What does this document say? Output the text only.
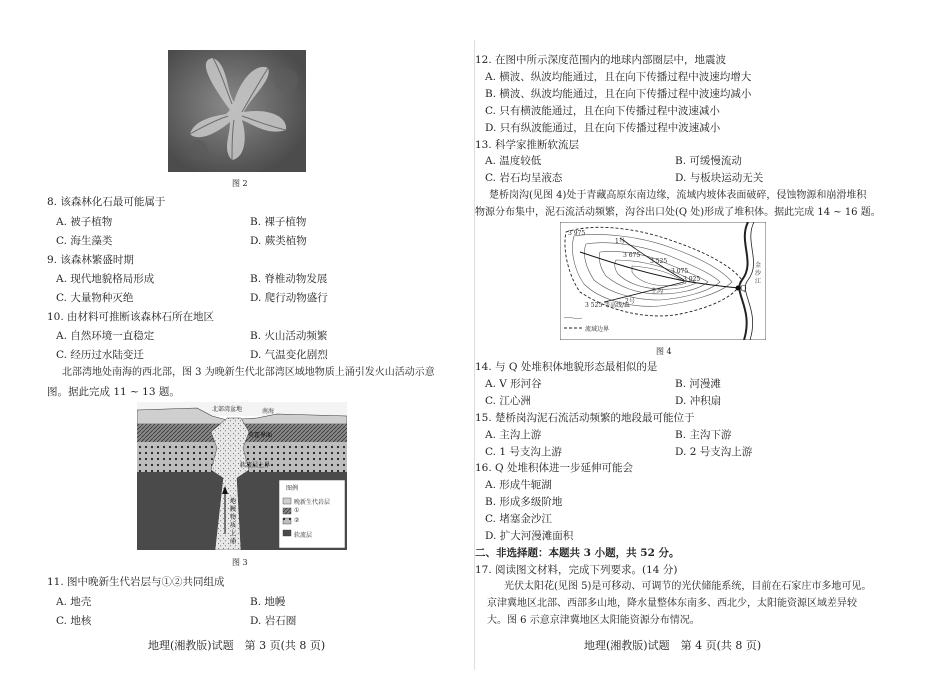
图 2
8. 该森林化石最可能属于
A. 被子植物	B. 裸子植物
C. 海生藻类	D. 蕨类植物
9. 该森林繁盛时期
A. 现代地貌格局形成	B. 脊椎动物发展
C. 大量物种灭绝	D. 爬行动物盛行
10. 由材料可推断该森林石所在地区
A. 自然环境一直稳定	B. 火山活动频繁
C. 经历过水陆变迁	D. 气温变化剧烈
北部湾地处南海的西北部，图 3 为晚新生代北部湾区域地物质上涌引发火山活动示意
图。据此完成 11 ~ 13 题。
北部湾盆地	南海
莫霍界面
软流层上界
地幔物质上涌
图例
晚新生代岩层
①
②
软流层
图 3
11. 图中晚新生代岩层与①②共同组成
A. 地壳	B. 地幔
C. 地核	D. 岩石圈
地理(湘教版)试题　第 3 页(共 8 页)
12. 在图中所示深度范围内的地球内部圈层中，地震波
A. 横波、纵波均能通过，且在向下传播过程中波速均增大
B. 横波、纵波均能通过，且在向下传播过程中波速均减小
C. 只有横波能通过，且在向下传播过程中波速减小
D. 只有纵波能通过，且在向下传播过程中波速减小
13. 科学家推断软流层
A. 温度较低	B. 可缓慢流动
C. 岩石均呈液态	D. 与板块运动无关
楚桥岗沟(见图 4)处于青藏高原东南边缘，流域内坡体表面破碎，侵蚀物源和崩滑堆积
物源分布集中，泥石流活动频繁，沟谷出口处(Q 处)形成了堆积体。据此完成 14 ~ 16 题。
3 975
3 675
3 525
3 075
3 025
主沟
1号
2号
Q
金沙江
3 525 等高线/m
流域边界
图 4
14. 与 Q 处堆积体地貌形态最相似的是
A. V 形河谷	B. 河漫滩
C. 江心洲	D. 冲积扇
15. 楚桥岗沟泥石流活动频繁的地段最可能位于
A. 主沟上游	B. 主沟下游
C. 1 号支沟上游	D. 2 号支沟上游
16. Q 处堆积体进一步延伸可能会
A. 形成牛轭湖
B. 形成多级阶地
C. 堵塞金沙江
D. 扩大河漫滩面积
二、非选择题：本题共 3 小题，共 52 分。
17. 阅读图文材料，完成下列要求。(14 分)
光伏太阳花(见图 5)是可移动、可调节的光伏储能系统，目前在石家庄市多地可见。
京津冀地区北部、西部多山地，降水量整体东南多、西北少，太阳能资源区域差异较
大。图 6 示意京津冀地区太阳能资源分布情况。
地理(湘教版)试题　第 4 页(共 8 页)
